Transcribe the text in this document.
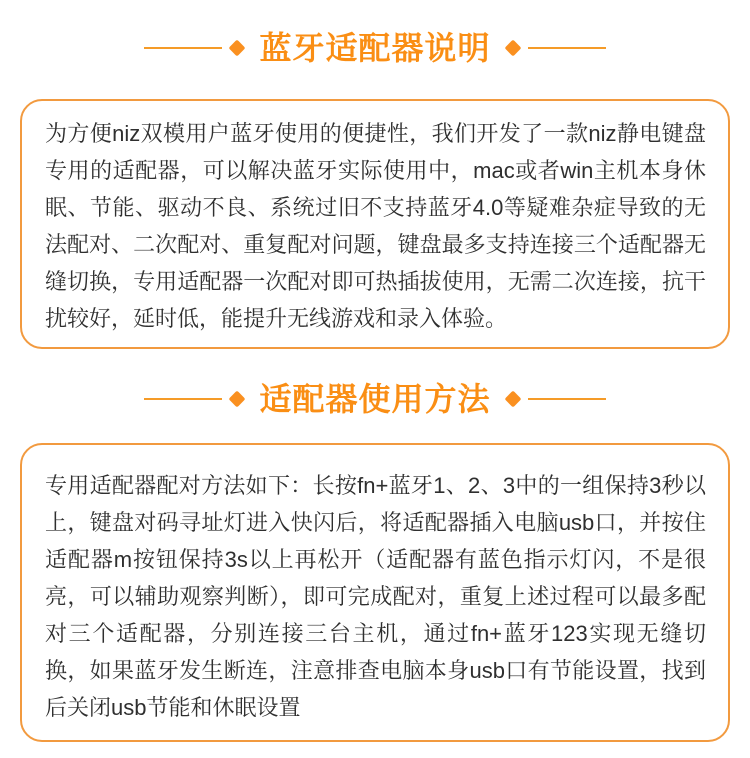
蓝牙适配器说明

为方便niz双模用户蓝牙使用的便捷性，我们开发了一款niz静电键盘专用的适配器，可以解决蓝牙实际使用中，mac或者win主机本身休眠、节能、驱动不良、系统过旧不支持蓝牙4.0等疑难杂症导致的无法配对、二次配对、重复配对问题，键盘最多支持连接三个适配器无缝切换，专用适配器一次配对即可热插拔使用，无需二次连接，抗干扰较好，延时低，能提升无线游戏和录入体验。

适配器使用方法

专用适配器配对方法如下：长按fn+蓝牙1、2、3中的一组保持3秒以上，键盘对码寻址灯进入快闪后，将适配器插入电脑usb口，并按住适配器m按钮保持3s以上再松开（适配器有蓝色指示灯闪，不是很亮，可以辅助观察判断），即可完成配对，重复上述过程可以最多配对三个适配器，分别连接三台主机，通过fn+蓝牙123实现无缝切换，如果蓝牙发生断连，注意排查电脑本身usb口有节能设置，找到后关闭usb节能和休眠设置
